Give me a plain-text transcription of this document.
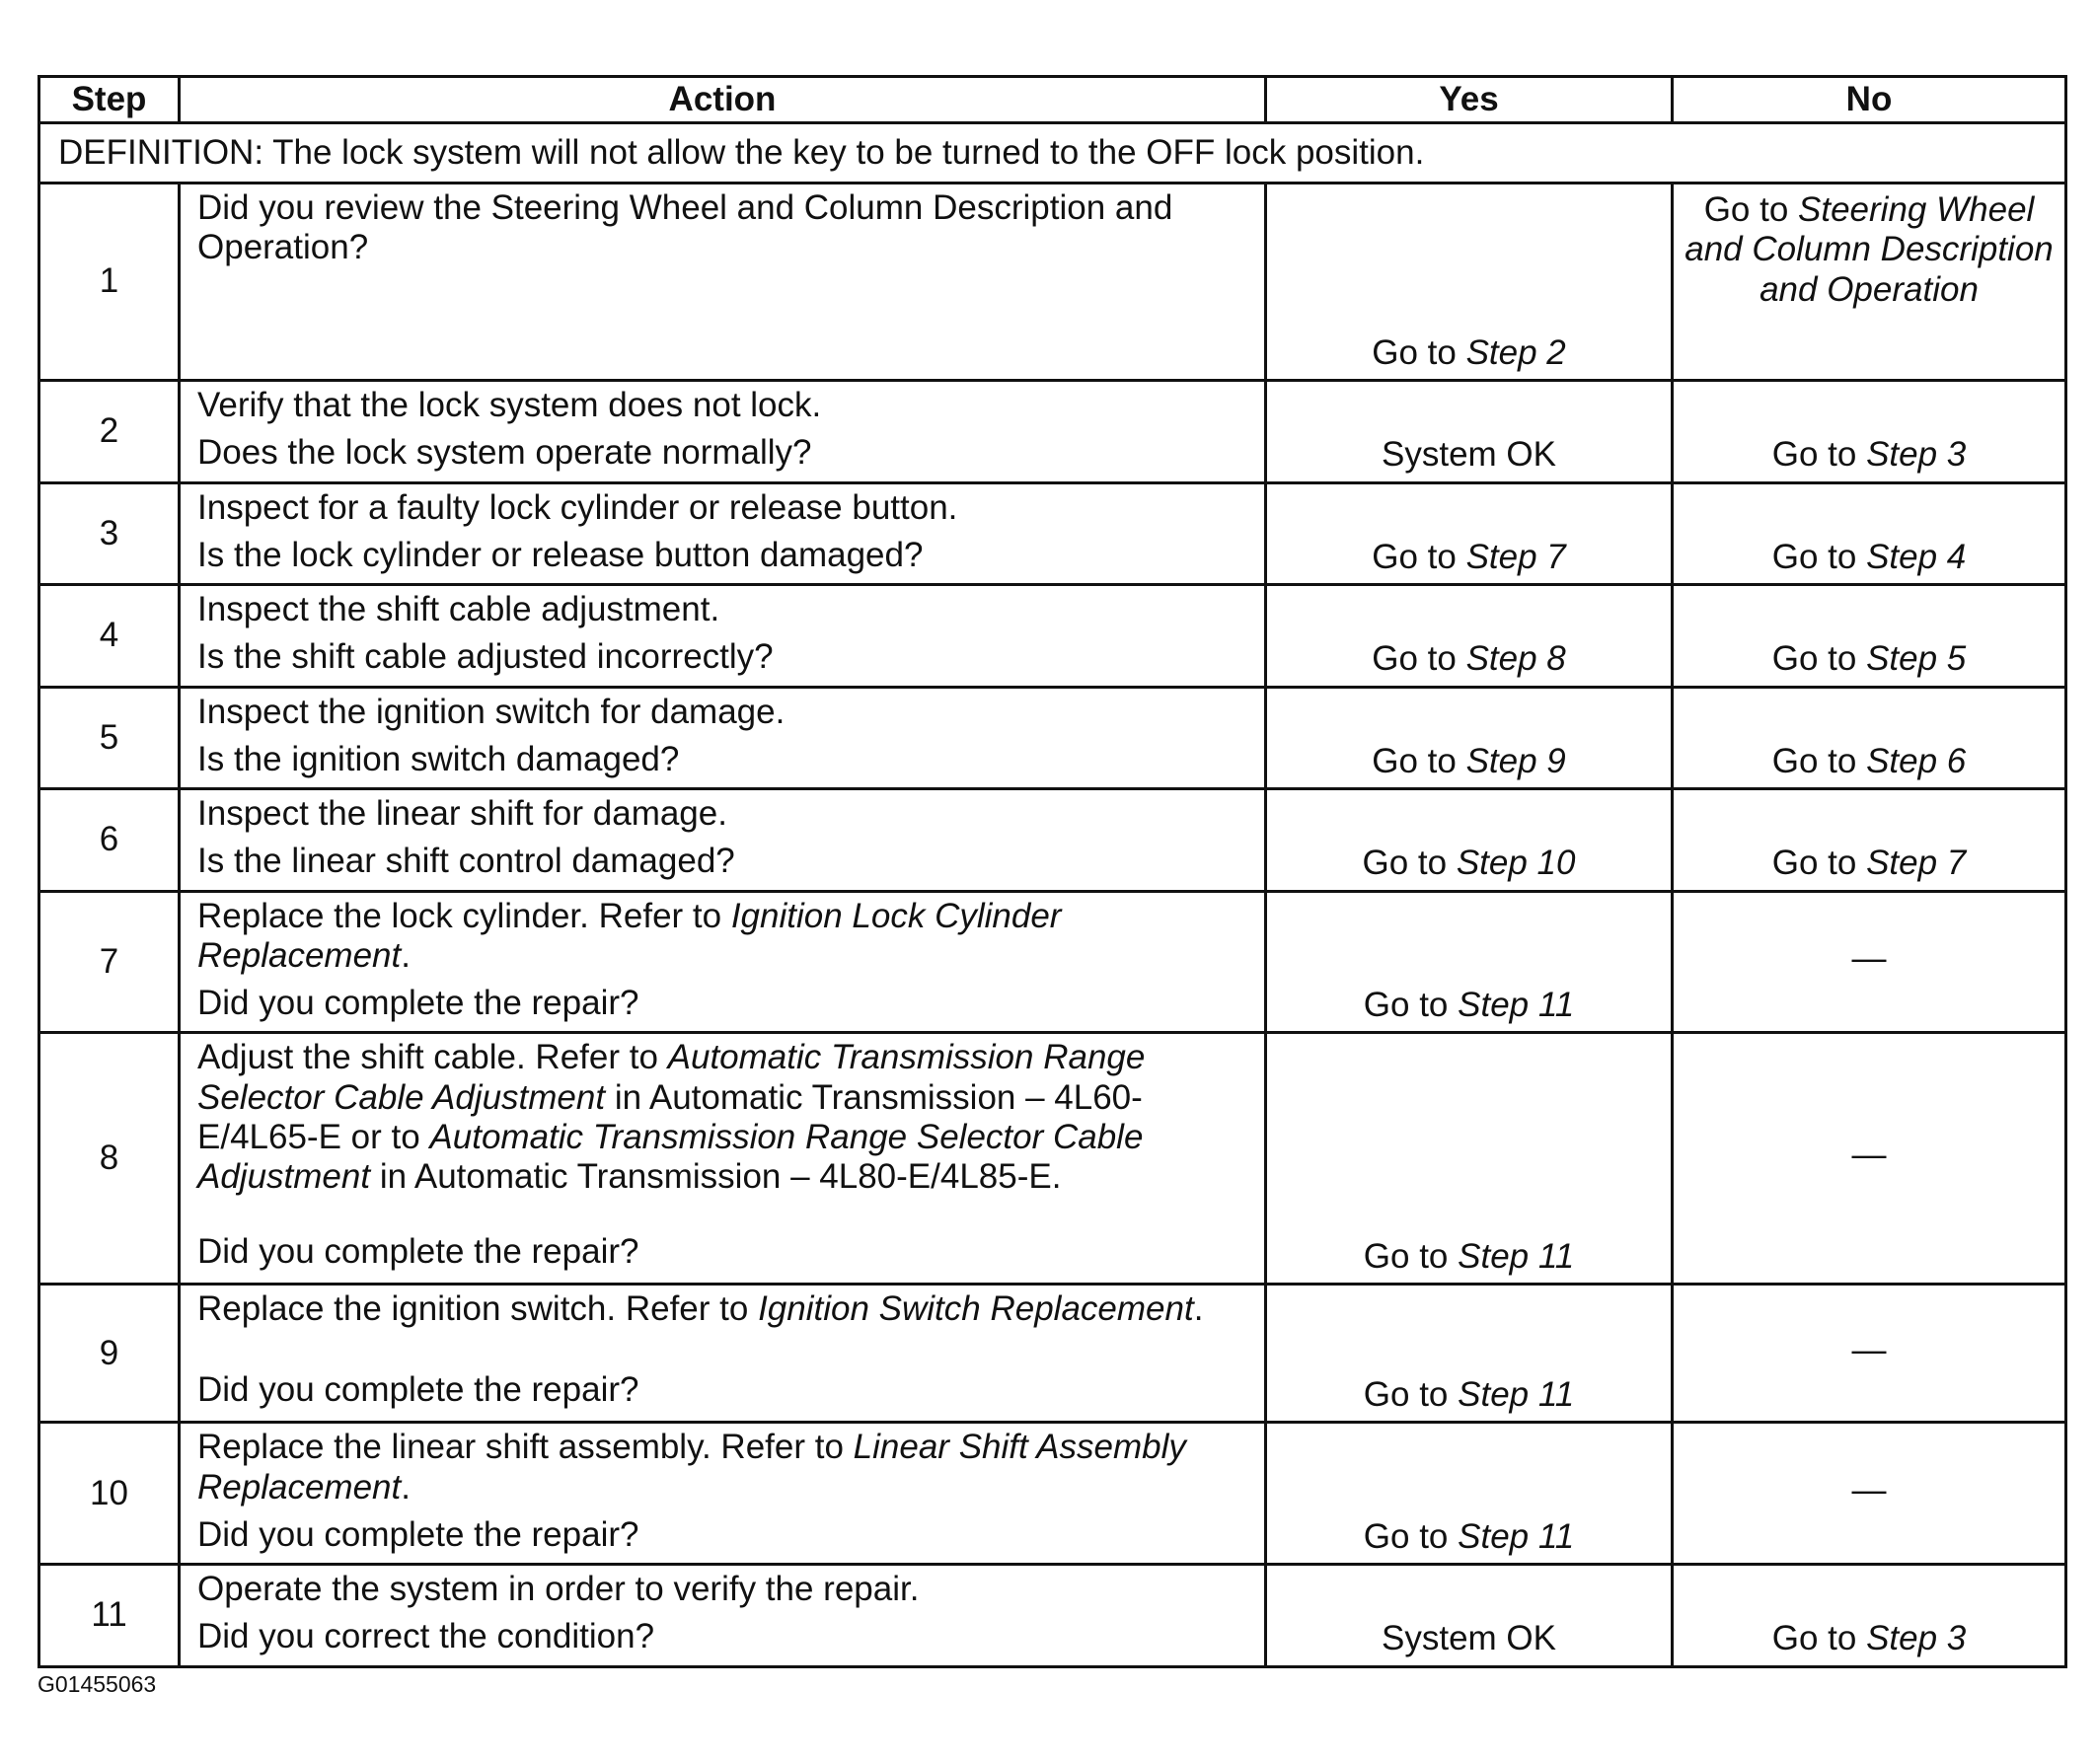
Step	Action	Yes	No
DEFINITION: The lock system will not allow the key to be turned to the OFF lock position.			
1	Did you review the Steering Wheel and Column Description and Operation?	Go to Step 2	Go to Steering Wheel and Column Description and Operation
2	Verify that the lock system does not lock.
Does the lock system operate normally?	System OK	Go to Step 3
3	Inspect for a faulty lock cylinder or release button.
Is the lock cylinder or release button damaged?	Go to Step 7	Go to Step 4
4	Inspect the shift cable adjustment.
Is the shift cable adjusted incorrectly?	Go to Step 8	Go to Step 5
5	Inspect the ignition switch for damage.
Is the ignition switch damaged?	Go to Step 9	Go to Step 6
6	Inspect the linear shift for damage.
Is the linear shift control damaged?	Go to Step 10	Go to Step 7
7	Replace the lock cylinder. Refer to Ignition Lock Cylinder Replacement.
Did you complete the repair?	Go to Step 11	—
8	Adjust the shift cable. Refer to Automatic Transmission Range Selector Cable Adjustment in Automatic Transmission – 4L60-E/4L65-E or to Automatic Transmission Range Selector Cable Adjustment in Automatic Transmission – 4L80-E/4L85-E.
Did you complete the repair?	Go to Step 11	—
9	Replace the ignition switch. Refer to Ignition Switch Replacement.
Did you complete the repair?	Go to Step 11	—
10	Replace the linear shift assembly. Refer to Linear Shift Assembly Replacement.
Did you complete the repair?	Go to Step 11	—
11	Operate the system in order to verify the repair.
Did you correct the condition?	System OK	Go to Step 3
G01455063
